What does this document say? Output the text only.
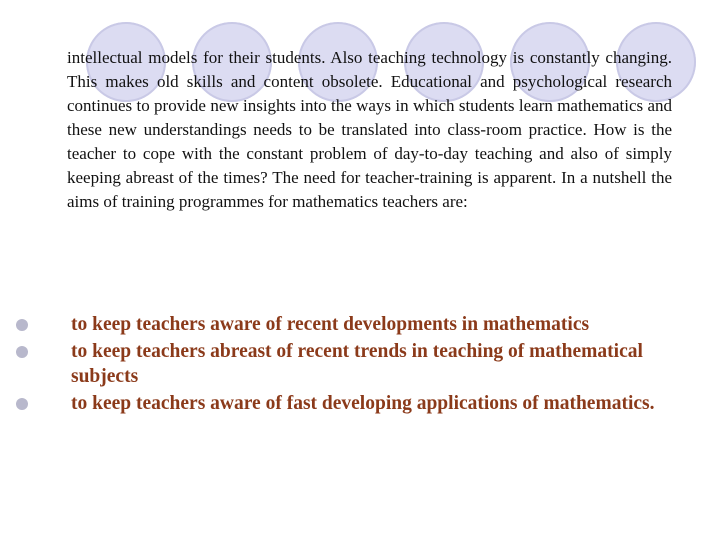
intellectual models for their students. Also teaching technology is constantly changing. This makes old skills and content obsolete. Educational and psychological research continues to provide new insights into the ways in which students learn mathematics and these new understandings needs to be translated into class-room practice. How is the teacher to cope with the constant problem of day-to-day teaching and also of simply keeping abreast of the times? The need for teacher-training is apparent. In a nutshell the aims of training programmes for mathematics teachers are:

to keep teachers aware of recent developments in mathematics
to keep teachers abreast of recent trends in teaching of mathematical subjects
to keep teachers aware of fast developing applications of mathematics.
